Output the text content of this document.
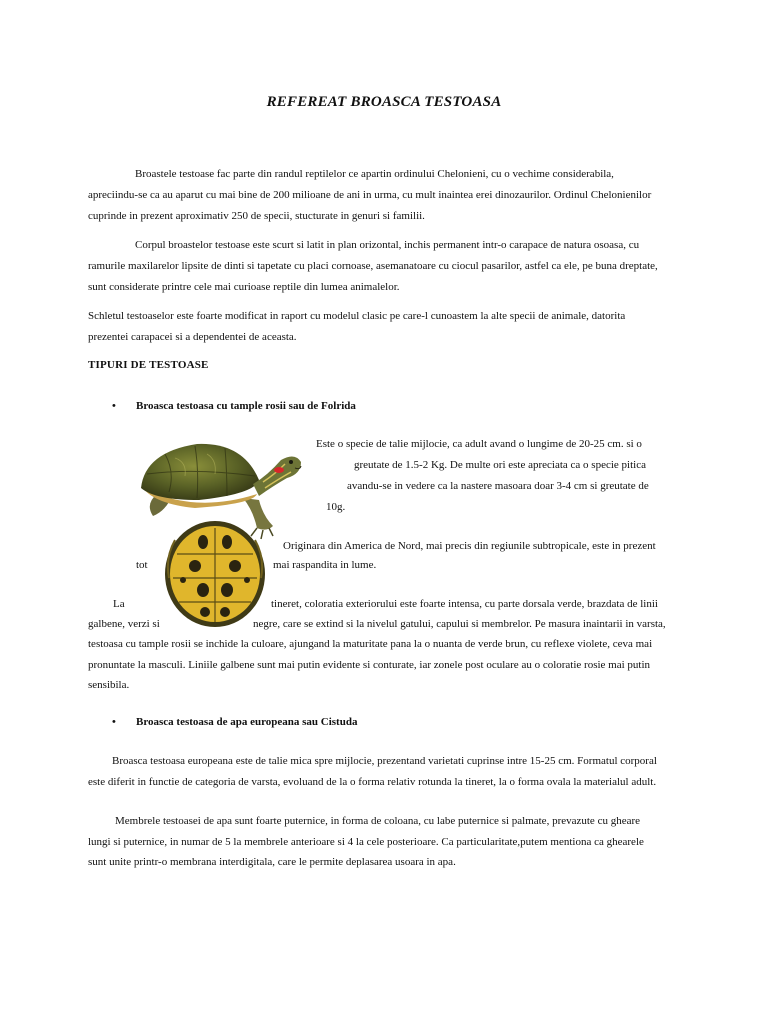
REFEREAT BROASCA TESTOASA
Broastele testoase fac parte din randul reptilelor ce apartin ordinului Chelonieni, cu o vechime considerabila,
apreciindu-se ca au aparut cu mai bine de 200 milioane de ani in urma, cu mult inaintea erei dinozaurilor. Ordinul Chelonienilor
cuprinde in prezent aproximativ 250 de specii, stucturate in genuri si familii.
Corpul broastelor testoase este scurt si latit in plan orizontal, inchis permanent intr-o carapace de natura osoasa, cu
ramurile maxilarelor lipsite de dinti si tapetate cu placi cornoase, asemanatoare cu ciocul pasarilor, astfel ca ele, pe buna dreptate,
sunt considerate printre cele mai curioase reptile din lumea animalelor.
Schletul testoaselor este foarte modificat in raport cu modelul clasic pe care-l cunoastem la alte specii de animale, datorita
prezentei carapacei si a dependentei de aceasta.
TIPURI DE TESTOASE
• Broasca testoasa cu tample rosii sau de Folrida
Este o specie de talie mijlocie, ca adult avand o lungime de 20-25 cm. si o
greutate de 1.5-2 Kg. De multe ori este apreciata ca o specie pitica
avandu-se in vedere ca la nastere masoara doar 3-4 cm si greutate de
10g.
Originara din America de Nord, mai precis din regiunile subtropicale, este in prezent
tot	mai raspandita in lume.
La	tineret, coloratia exteriorului este foarte intensa, cu parte dorsala verde, brazdata de linii
galbene, verzi si	negre, care se extind si la nivelul gatului, capului si membrelor. Pe masura inaintarii in varsta,
testoasa cu tample rosii se inchide la culoare, ajungand la maturitate pana la o nuanta de verde brun, cu reflexe violete, ceva mai
pronuntate la masculi. Liniile galbene sunt mai putin evidente si conturate, iar zonele post oculare au o coloratie rosie mai putin
sensibila.
• Broasca testoasa de apa europeana sau Cistuda
Broasca testoasa europeana este de talie mica spre mijlocie, prezentand varietati cuprinse intre 15-25 cm. Formatul corporal
este diferit in functie de categoria de varsta, evoluand de la o forma relativ rotunda la tineret, la o forma ovala la materialul adult.
Membrele testoasei de apa sunt foarte puternice, in forma de coloana, cu labe puternice si palmate, prevazute cu gheare
lungi si puternice, in numar de 5 la membrele anterioare si 4 la cele posterioare. Ca particularitate,putem mentiona ca ghearele
sunt unite printr-o membrana interdigitala, care le permite deplasarea usoara in apa.
